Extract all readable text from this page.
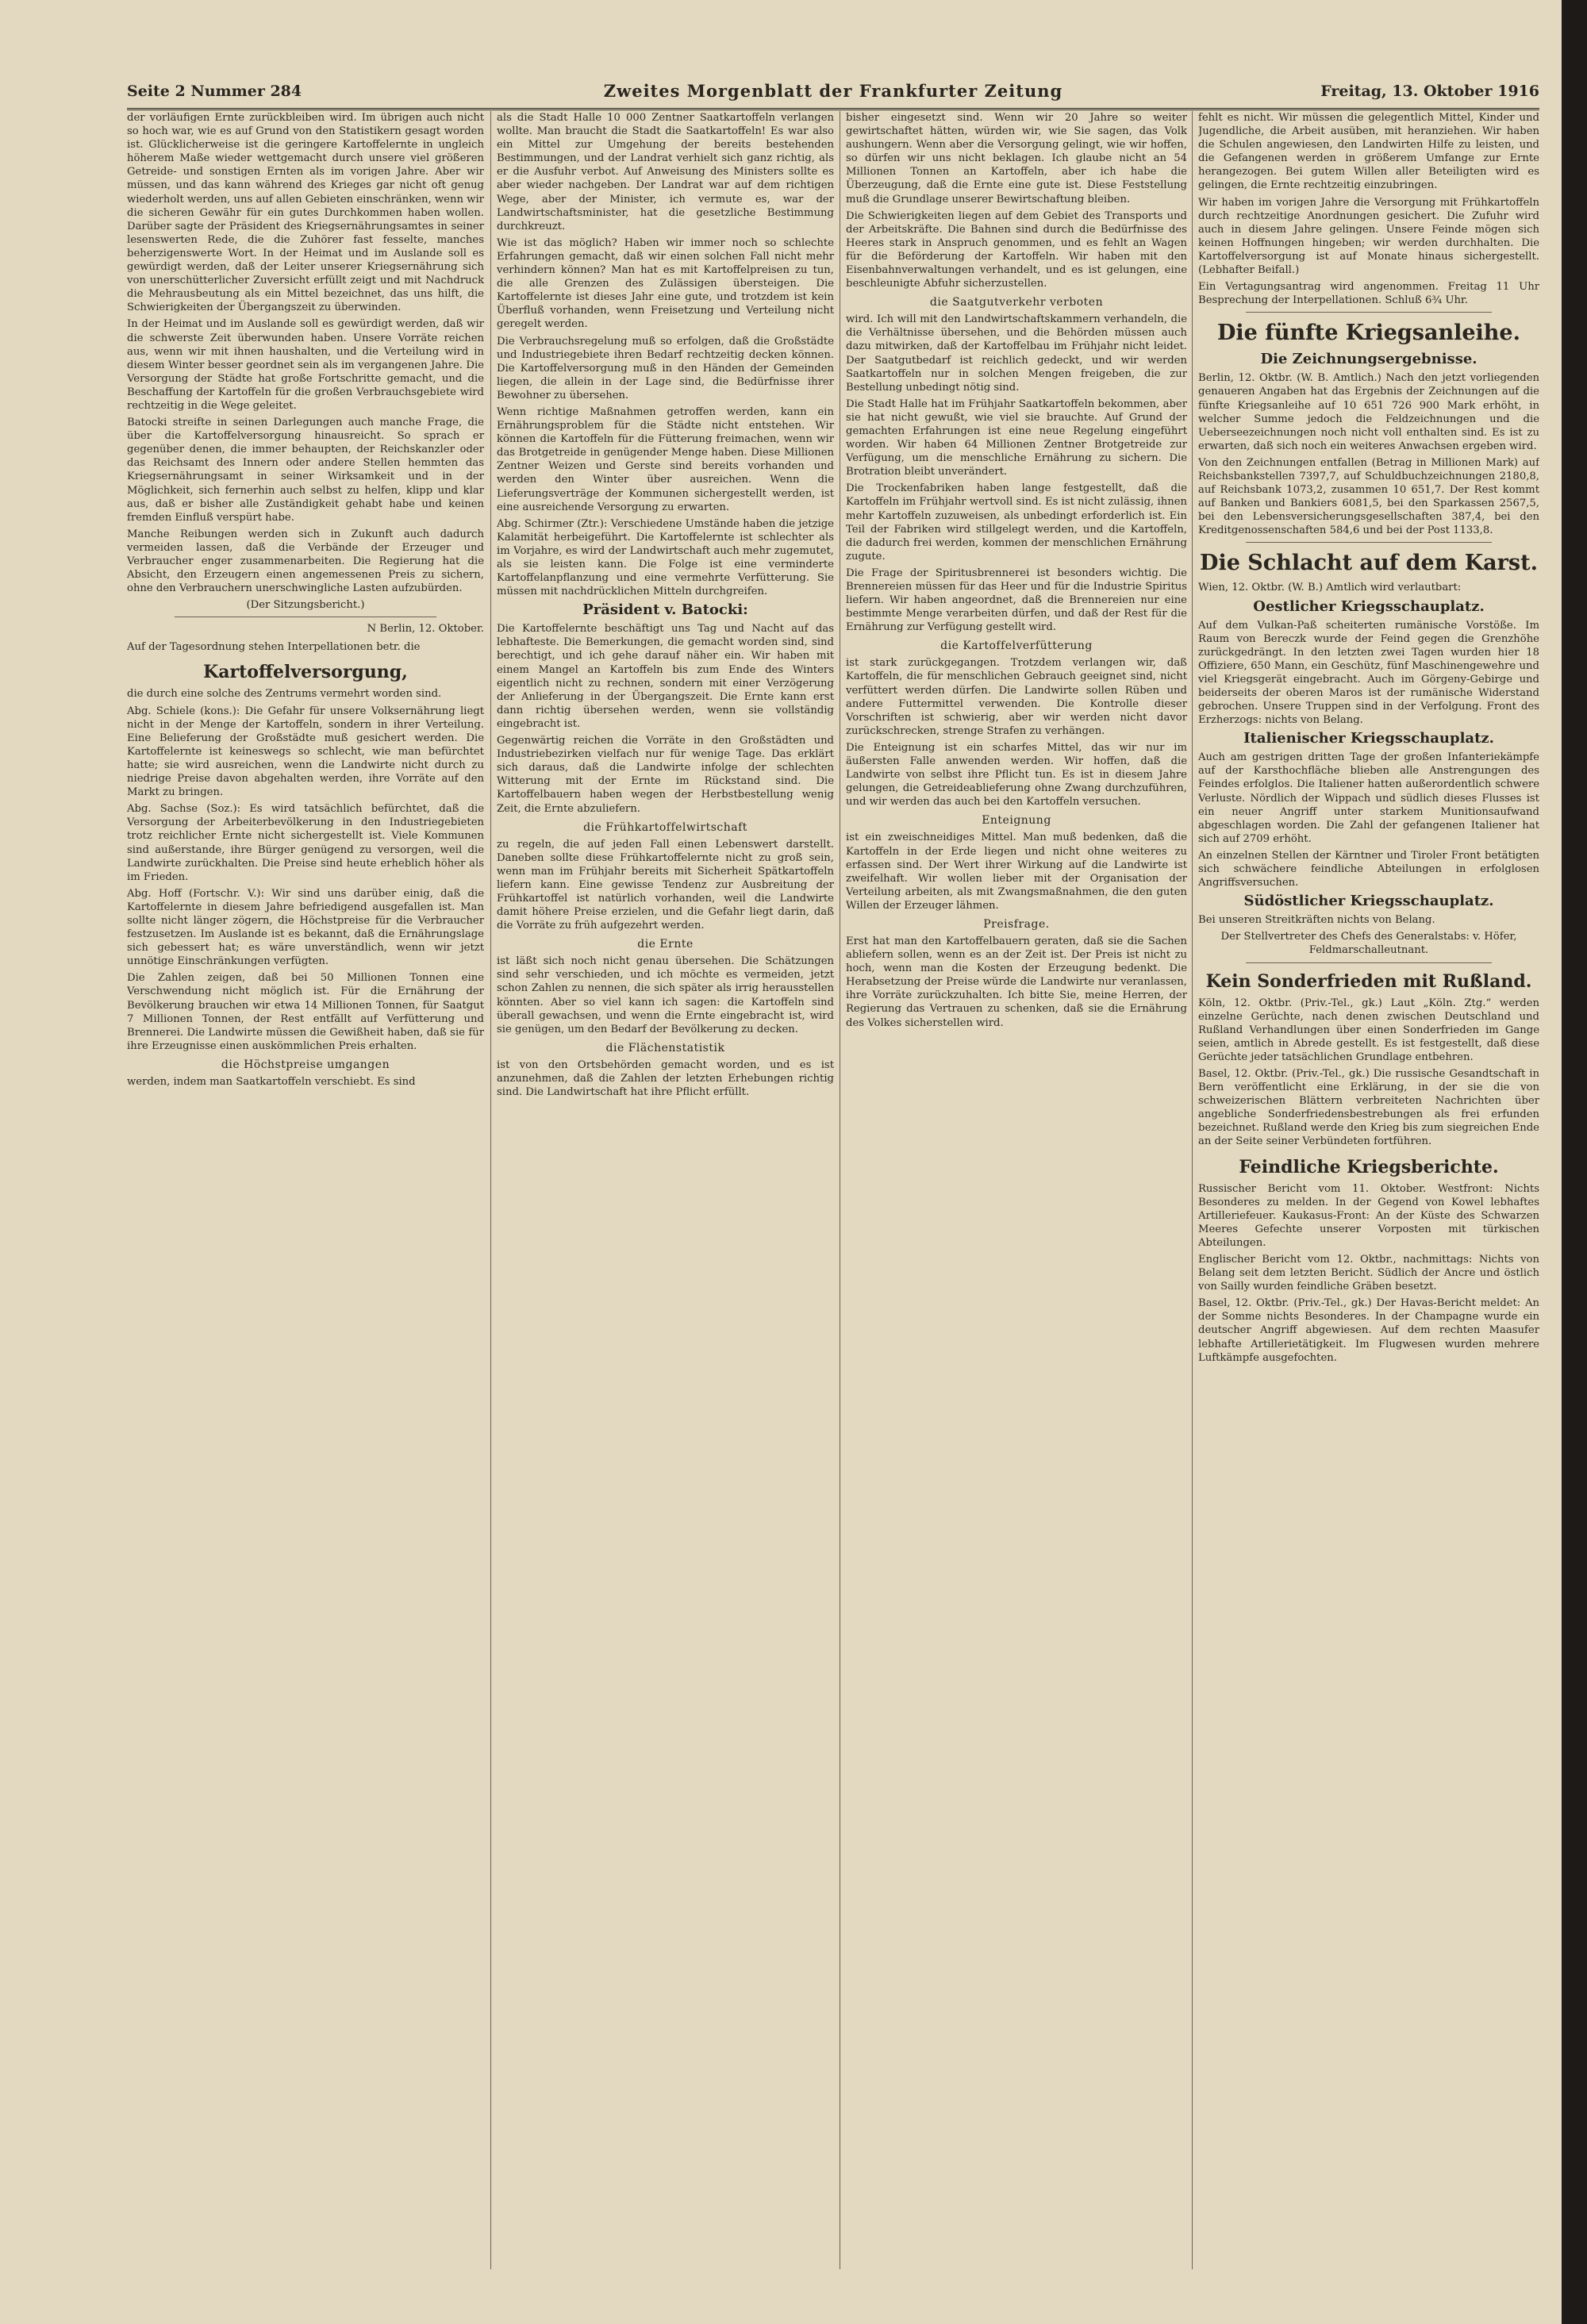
Seite 2 Nummer 284	Zweites Morgenblatt der Frankfurter Zeitung	Freitag, 13. Oktober 1916

der vorläufigen Ernte zurückbleiben wird. Im übrigen auch nicht so hoch war, wie es auf Grund von den Statistikern gesagt worden ist. Glücklicherweise ist die geringere Kartoffelernte in ungleich höherem Maße wieder wettgemacht durch unsere viel größeren Getreide- und sonstigen Ernten als im vorigen Jahre. Aber wir müssen, und das kann während des Krieges gar nicht oft genug wiederholt werden, uns auf allen Gebieten einschränken, wenn wir die sicheren Gewähr für ein gutes Durchkommen haben wollen. Darüber sagte der Präsident des Kriegsernährungsamtes in seiner lesenswerten Rede, die die Zuhörer fast fesselte, manches beherzigenswerte Wort. In der Heimat und im Auslande soll es gewürdigt werden, daß der Leiter unserer Kriegsernährung sich von unerschütterlicher Zuversicht erfüllt zeigt und mit Nachdruck die Mehrausbeutung als ein Mittel bezeichnet, das uns hilft, die Schwierigkeiten der Übergangszeit zu überwinden.

In der Heimat und im Auslande soll es gewürdigt werden, daß wir die schwerste Zeit überwunden haben. Unsere Vorräte reichen aus, wenn wir mit ihnen haushalten, und die Verteilung wird in diesem Winter besser geordnet sein als im vergangenen Jahre. Die Versorgung der Städte hat große Fortschritte gemacht, und die Beschaffung der Kartoffeln für die großen Verbrauchsgebiete wird rechtzeitig in die Wege geleitet.

Batocki streifte in seinen Darlegungen auch manche Frage, die über die Kartoffelversorgung hinausreicht. So sprach er gegenüber denen, die immer behaupten, der Reichskanzler oder das Reichsamt des Innern oder andere Stellen hemmten das Kriegsernährungsamt in seiner Wirksamkeit und in der Möglichkeit, sich fernerhin auch selbst zu helfen, klipp und klar aus, daß er bisher alle Zuständigkeit gehabt habe und keinen fremden Einfluß verspürt habe.

Manche Reibungen werden sich in Zukunft auch dadurch vermeiden lassen, daß die Verbände der Erzeuger und Verbraucher enger zusammenarbeiten. Die Regierung hat die Absicht, den Erzeugern einen angemessenen Preis zu sichern, ohne den Verbrauchern unerschwingliche Lasten aufzubürden.

(Der Sitzungsbericht.)

N Berlin, 12. Oktober.

Auf der Tagesordnung stehen Interpellationen betr. die

Kartoffelversorgung,

die durch eine solche des Zentrums vermehrt worden sind.

Abg. Schiele (kons.): Die Gefahr für unsere Volksernährung liegt nicht in der Menge der Kartoffeln, sondern in ihrer Verteilung. Eine Belieferung der Großstädte muß gesichert werden. Die Kartoffelernte ist keineswegs so schlecht, wie man befürchtet hatte; sie wird ausreichen, wenn die Landwirte nicht durch zu niedrige Preise davon abgehalten werden, ihre Vorräte auf den Markt zu bringen.

Abg. Sachse (Soz.): Es wird tatsächlich befürchtet, daß die Versorgung der Arbeiterbevölkerung in den Industriegebieten trotz reichlicher Ernte nicht sichergestellt ist. Viele Kommunen sind außerstande, ihre Bürger genügend zu versorgen, weil die Landwirte zurückhalten. Die Preise sind heute erheblich höher als im Frieden.

Abg. Hoff (Fortschr. V.): Wir sind uns darüber einig, daß die Kartoffelernte in diesem Jahre befriedigend ausgefallen ist. Man sollte nicht länger zögern, die Höchstpreise für die Verbraucher festzusetzen. Im Auslande ist es bekannt, daß die Ernährungslage sich gebessert hat; es wäre unverständlich, wenn wir jetzt unnötige Einschränkungen verfügten.

Die Zahlen zeigen, daß bei 50 Millionen Tonnen eine Verschwendung nicht möglich ist. Für die Ernährung der Bevölkerung brauchen wir etwa 14 Millionen Tonnen, für Saatgut 7 Millionen Tonnen, der Rest entfällt auf Verfütterung und Brennerei. Die Landwirte müssen die Gewißheit haben, daß sie für ihre Erzeugnisse einen auskömmlichen Preis erhalten.

die Höchstpreise umgangen

werden, indem man Saatkartoffeln verschiebt. Es sind

als die Stadt Halle 10 000 Zentner Saatkartoffeln verlangen wollte. Man braucht die Stadt die Saatkartoffeln! Es war also ein Mittel zur Umgehung der bereits bestehenden Bestimmungen, und der Landrat verhielt sich ganz richtig, als er die Ausfuhr verbot. Auf Anweisung des Ministers sollte es aber wieder nachgeben. Der Landrat war auf dem richtigen Wege, aber der Minister, ich vermute es, war der Landwirtschaftsminister, hat die gesetzliche Bestimmung durchkreuzt.

Wie ist das möglich? Haben wir immer noch so schlechte Erfahrungen gemacht, daß wir einen solchen Fall nicht mehr verhindern können? Man hat es mit Kartoffelpreisen zu tun, die alle Grenzen des Zulässigen übersteigen. Die Kartoffelernte ist dieses Jahr eine gute, und trotzdem ist kein Überfluß vorhanden, wenn Freisetzung und Verteilung nicht geregelt werden.

Die Verbrauchsregelung muß so erfolgen, daß die Großstädte und Industriegebiete ihren Bedarf rechtzeitig decken können. Die Kartoffelversorgung muß in den Händen der Gemeinden liegen, die allein in der Lage sind, die Bedürfnisse ihrer Bewohner zu übersehen.

Wenn richtige Maßnahmen getroffen werden, kann ein Ernährungsproblem für die Städte nicht entstehen. Wir können die Kartoffeln für die Fütterung freimachen, wenn wir das Brotgetreide in genügender Menge haben. Diese Millionen Zentner Weizen und Gerste sind bereits vorhanden und werden den Winter über ausreichen. Wenn die Lieferungsverträge der Kommunen sichergestellt werden, ist eine ausreichende Versorgung zu erwarten.

Abg. Schirmer (Ztr.): Verschiedene Umstände haben die jetzige Kalamität herbeigeführt. Die Kartoffelernte ist schlechter als im Vorjahre, es wird der Landwirtschaft auch mehr zugemutet, als sie leisten kann. Die Folge ist eine verminderte Kartoffelanpflanzung und eine vermehrte Verfütterung. Sie müssen mit nachdrücklichen Mitteln durchgreifen.

Präsident v. Batocki:

Die Kartoffelernte beschäftigt uns Tag und Nacht auf das lebhafteste. Die Bemerkungen, die gemacht worden sind, sind berechtigt, und ich gehe darauf näher ein. Wir haben mit einem Mangel an Kartoffeln bis zum Ende des Winters eigentlich nicht zu rechnen, sondern mit einer Verzögerung der Anlieferung in der Übergangszeit. Die Ernte kann erst dann richtig übersehen werden, wenn sie vollständig eingebracht ist.

Gegenwärtig reichen die Vorräte in den Großstädten und Industriebezirken vielfach nur für wenige Tage. Das erklärt sich daraus, daß die Landwirte infolge der schlechten Witterung mit der Ernte im Rückstand sind. Die Kartoffelbauern haben wegen der Herbstbestellung wenig Zeit, die Ernte abzuliefern.

die Frühkartoffelwirtschaft

zu regeln, die auf jeden Fall einen Lebenswert darstellt. Daneben sollte diese Frühkartoffelernte nicht zu groß sein, wenn man im Frühjahr bereits mit Sicherheit Spätkartoffeln liefern kann. Eine gewisse Tendenz zur Ausbreitung der Frühkartoffel ist natürlich vorhanden, weil die Landwirte damit höhere Preise erzielen, und die Gefahr liegt darin, daß die Vorräte zu früh aufgezehrt werden.

die Ernte

ist läßt sich noch nicht genau übersehen. Die Schätzungen sind sehr verschieden, und ich möchte es vermeiden, jetzt schon Zahlen zu nennen, die sich später als irrig herausstellen könnten. Aber so viel kann ich sagen: die Kartoffeln sind überall gewachsen, und wenn die Ernte eingebracht ist, wird sie genügen, um den Bedarf der Bevölkerung zu decken.

die Flächenstatistik

ist von den Ortsbehörden gemacht worden, und es ist anzunehmen, daß die Zahlen der letzten Erhebungen richtig sind. Die Landwirtschaft hat ihre Pflicht erfüllt.

bisher eingesetzt sind. Wenn wir 20 Jahre so weiter gewirtschaftet hätten, würden wir, wie Sie sagen, das Volk aushungern. Wenn aber die Versorgung gelingt, wie wir hoffen, so dürfen wir uns nicht beklagen. Ich glaube nicht an 54 Millionen Tonnen an Kartoffeln, aber ich habe die Überzeugung, daß die Ernte eine gute ist. Diese Feststellung muß die Grundlage unserer Bewirtschaftung bleiben.

Die Schwierigkeiten liegen auf dem Gebiet des Transports und der Arbeitskräfte. Die Bahnen sind durch die Bedürfnisse des Heeres stark in Anspruch genommen, und es fehlt an Wagen für die Beförderung der Kartoffeln. Wir haben mit den Eisenbahnverwaltungen verhandelt, und es ist gelungen, eine beschleunigte Abfuhr sicherzustellen.

die Saatgutverkehr verboten

wird. Ich will mit den Landwirtschaftskammern verhandeln, die die Verhältnisse übersehen, und die Behörden müssen auch dazu mitwirken, daß der Kartoffelbau im Frühjahr nicht leidet. Der Saatgutbedarf ist reichlich gedeckt, und wir werden Saatkartoffeln nur in solchen Mengen freigeben, die zur Bestellung unbedingt nötig sind.

Die Stadt Halle hat im Frühjahr Saatkartoffeln bekommen, aber sie hat nicht gewußt, wie viel sie brauchte. Auf Grund der gemachten Erfahrungen ist eine neue Regelung eingeführt worden. Wir haben 64 Millionen Zentner Brotgetreide zur Verfügung, um die menschliche Ernährung zu sichern. Die Brotration bleibt unverändert.

Die Trockenfabriken haben lange festgestellt, daß die Kartoffeln im Frühjahr wertvoll sind. Es ist nicht zulässig, ihnen mehr Kartoffeln zuzuweisen, als unbedingt erforderlich ist. Ein Teil der Fabriken wird stillgelegt werden, und die Kartoffeln, die dadurch frei werden, kommen der menschlichen Ernährung zugute.

Die Frage der Spiritusbrennerei ist besonders wichtig. Die Brennereien müssen für das Heer und für die Industrie Spiritus liefern. Wir haben angeordnet, daß die Brennereien nur eine bestimmte Menge verarbeiten dürfen, und daß der Rest für die Ernährung zur Verfügung gestellt wird.

die Kartoffelverfütterung

ist stark zurückgegangen. Trotzdem verlangen wir, daß Kartoffeln, die für menschlichen Gebrauch geeignet sind, nicht verfüttert werden dürfen. Die Landwirte sollen Rüben und andere Futtermittel verwenden. Die Kontrolle dieser Vorschriften ist schwierig, aber wir werden nicht davor zurückschrecken, strenge Strafen zu verhängen.

Die Enteignung ist ein scharfes Mittel, das wir nur im äußersten Falle anwenden werden. Wir hoffen, daß die Landwirte von selbst ihre Pflicht tun. Es ist in diesem Jahre gelungen, die Getreideablieferung ohne Zwang durchzuführen, und wir werden das auch bei den Kartoffeln versuchen.

Enteignung

ist ein zweischneidiges Mittel. Man muß bedenken, daß die Kartoffeln in der Erde liegen und nicht ohne weiteres zu erfassen sind. Der Wert ihrer Wirkung auf die Landwirte ist zweifelhaft. Wir wollen lieber mit der Organisation der Verteilung arbeiten, als mit Zwangsmaßnahmen, die den guten Willen der Erzeuger lähmen.

Preisfrage.

Erst hat man den Kartoffelbauern geraten, daß sie die Sachen abliefern sollen, wenn es an der Zeit ist. Der Preis ist nicht zu hoch, wenn man die Kosten der Erzeugung bedenkt. Die Herabsetzung der Preise würde die Landwirte nur veranlassen, ihre Vorräte zurückzuhalten. Ich bitte Sie, meine Herren, der Regierung das Vertrauen zu schenken, daß sie die Ernährung des Volkes sicherstellen wird.

fehlt es nicht. Wir müssen die gelegentlich Mittel, Kinder und Jugendliche, die Arbeit ausüben, mit heranziehen. Wir haben die Schulen angewiesen, den Landwirten Hilfe zu leisten, und die Gefangenen werden in größerem Umfange zur Ernte herangezogen. Bei gutem Willen aller Beteiligten wird es gelingen, die Ernte rechtzeitig einzubringen.

Wir haben im vorigen Jahre die Versorgung mit Frühkartoffeln durch rechtzeitige Anordnungen gesichert. Die Zufuhr wird auch in diesem Jahre gelingen. Unsere Feinde mögen sich keinen Hoffnungen hingeben; wir werden durchhalten. Die Kartoffelversorgung ist auf Monate hinaus sichergestellt. (Lebhafter Beifall.)

Ein Vertagungsantrag wird angenommen. Freitag 11 Uhr Besprechung der Interpellationen. Schluß 6¾ Uhr.

Die fünfte Kriegsanleihe.
Die Zeichnungsergebnisse.

Berlin, 12. Oktbr. (W. B. Amtlich.) Nach den jetzt vorliegenden genaueren Angaben hat das Ergebnis der Zeichnungen auf die fünfte Kriegsanleihe auf 10 651 726 900 Mark erhöht, in welcher Summe jedoch die Feldzeichnungen und die Ueberseezeichnungen noch nicht voll enthalten sind. Es ist zu erwarten, daß sich noch ein weiteres Anwachsen ergeben wird.

Von den Zeichnungen entfallen (Betrag in Millionen Mark) auf Reichsbankstellen 7397,7, auf Schuldbuchzeichnungen 2180,8, auf Reichsbank 1073,2, zusammen 10 651,7. Der Rest kommt auf Banken und Bankiers 6081,5, bei den Sparkassen 2567,5, bei den Lebensversicherungsgesellschaften 387,4, bei den Kreditgenossenschaften 584,6 und bei der Post 1133,8.

Die Schlacht auf dem Karst.

Wien, 12. Oktbr. (W. B.) Amtlich wird verlautbart:

Oestlicher Kriegsschauplatz.

Auf dem Vulkan-Paß scheiterten rumänische Vorstöße. Im Raum von Bereczk wurde der Feind gegen die Grenzhöhe zurückgedrängt. In den letzten zwei Tagen wurden hier 18 Offiziere, 650 Mann, ein Geschütz, fünf Maschinengewehre und viel Kriegsgerät eingebracht. Auch im Görgeny-Gebirge und beiderseits der oberen Maros ist der rumänische Widerstand gebrochen. Unsere Truppen sind in der Verfolgung. Front des Erzherzogs: nichts von Belang.

Italienischer Kriegsschauplatz.

Auch am gestrigen dritten Tage der großen Infanteriekämpfe auf der Karsthochfläche blieben alle Anstrengungen des Feindes erfolglos. Die Italiener hatten außerordentlich schwere Verluste. Nördlich der Wippach und südlich dieses Flusses ist ein neuer Angriff unter starkem Munitionsaufwand abgeschlagen worden. Die Zahl der gefangenen Italiener hat sich auf 2709 erhöht.

An einzelnen Stellen der Kärntner und Tiroler Front betätigten sich schwächere feindliche Abteilungen in erfolglosen Angriffsversuchen.

Südöstlicher Kriegsschauplatz.

Bei unseren Streitkräften nichts von Belang.

Der Stellvertreter des Chefs des Generalstabs: v. Höfer, Feldmarschalleutnant.

Kein Sonderfrieden mit Rußland.

Köln, 12. Oktbr. (Priv.-Tel., gk.) Laut „Köln. Ztg.“ werden einzelne Gerüchte, nach denen zwischen Deutschland und Rußland Verhandlungen über einen Sonderfrieden im Gange seien, amtlich in Abrede gestellt. Es ist festgestellt, daß diese Gerüchte jeder tatsächlichen Grundlage entbehren.

Basel, 12. Oktbr. (Priv.-Tel., gk.) Die russische Gesandtschaft in Bern veröffentlicht eine Erklärung, in der sie die von schweizerischen Blättern verbreiteten Nachrichten über angebliche Sonderfriedensbestrebungen als frei erfunden bezeichnet. Rußland werde den Krieg bis zum siegreichen Ende an der Seite seiner Verbündeten fortführen.

Feindliche Kriegsberichte.

Russischer Bericht vom 11. Oktober. Westfront: Nichts Besonderes zu melden. In der Gegend von Kowel lebhaftes Artilleriefeuer. Kaukasus-Front: An der Küste des Schwarzen Meeres Gefechte unserer Vorposten mit türkischen Abteilungen.

Englischer Bericht vom 12. Oktbr., nachmittags: Nichts von Belang seit dem letzten Bericht. Südlich der Ancre und östlich von Sailly wurden feindliche Gräben besetzt.

Basel, 12. Oktbr. (Priv.-Tel., gk.) Der Havas-Bericht meldet: An der Somme nichts Besonderes. In der Champagne wurde ein deutscher Angriff abgewiesen. Auf dem rechten Maasufer lebhafte Artillerietätigkeit. Im Flugwesen wurden mehrere Luftkämpfe ausgefochten.
